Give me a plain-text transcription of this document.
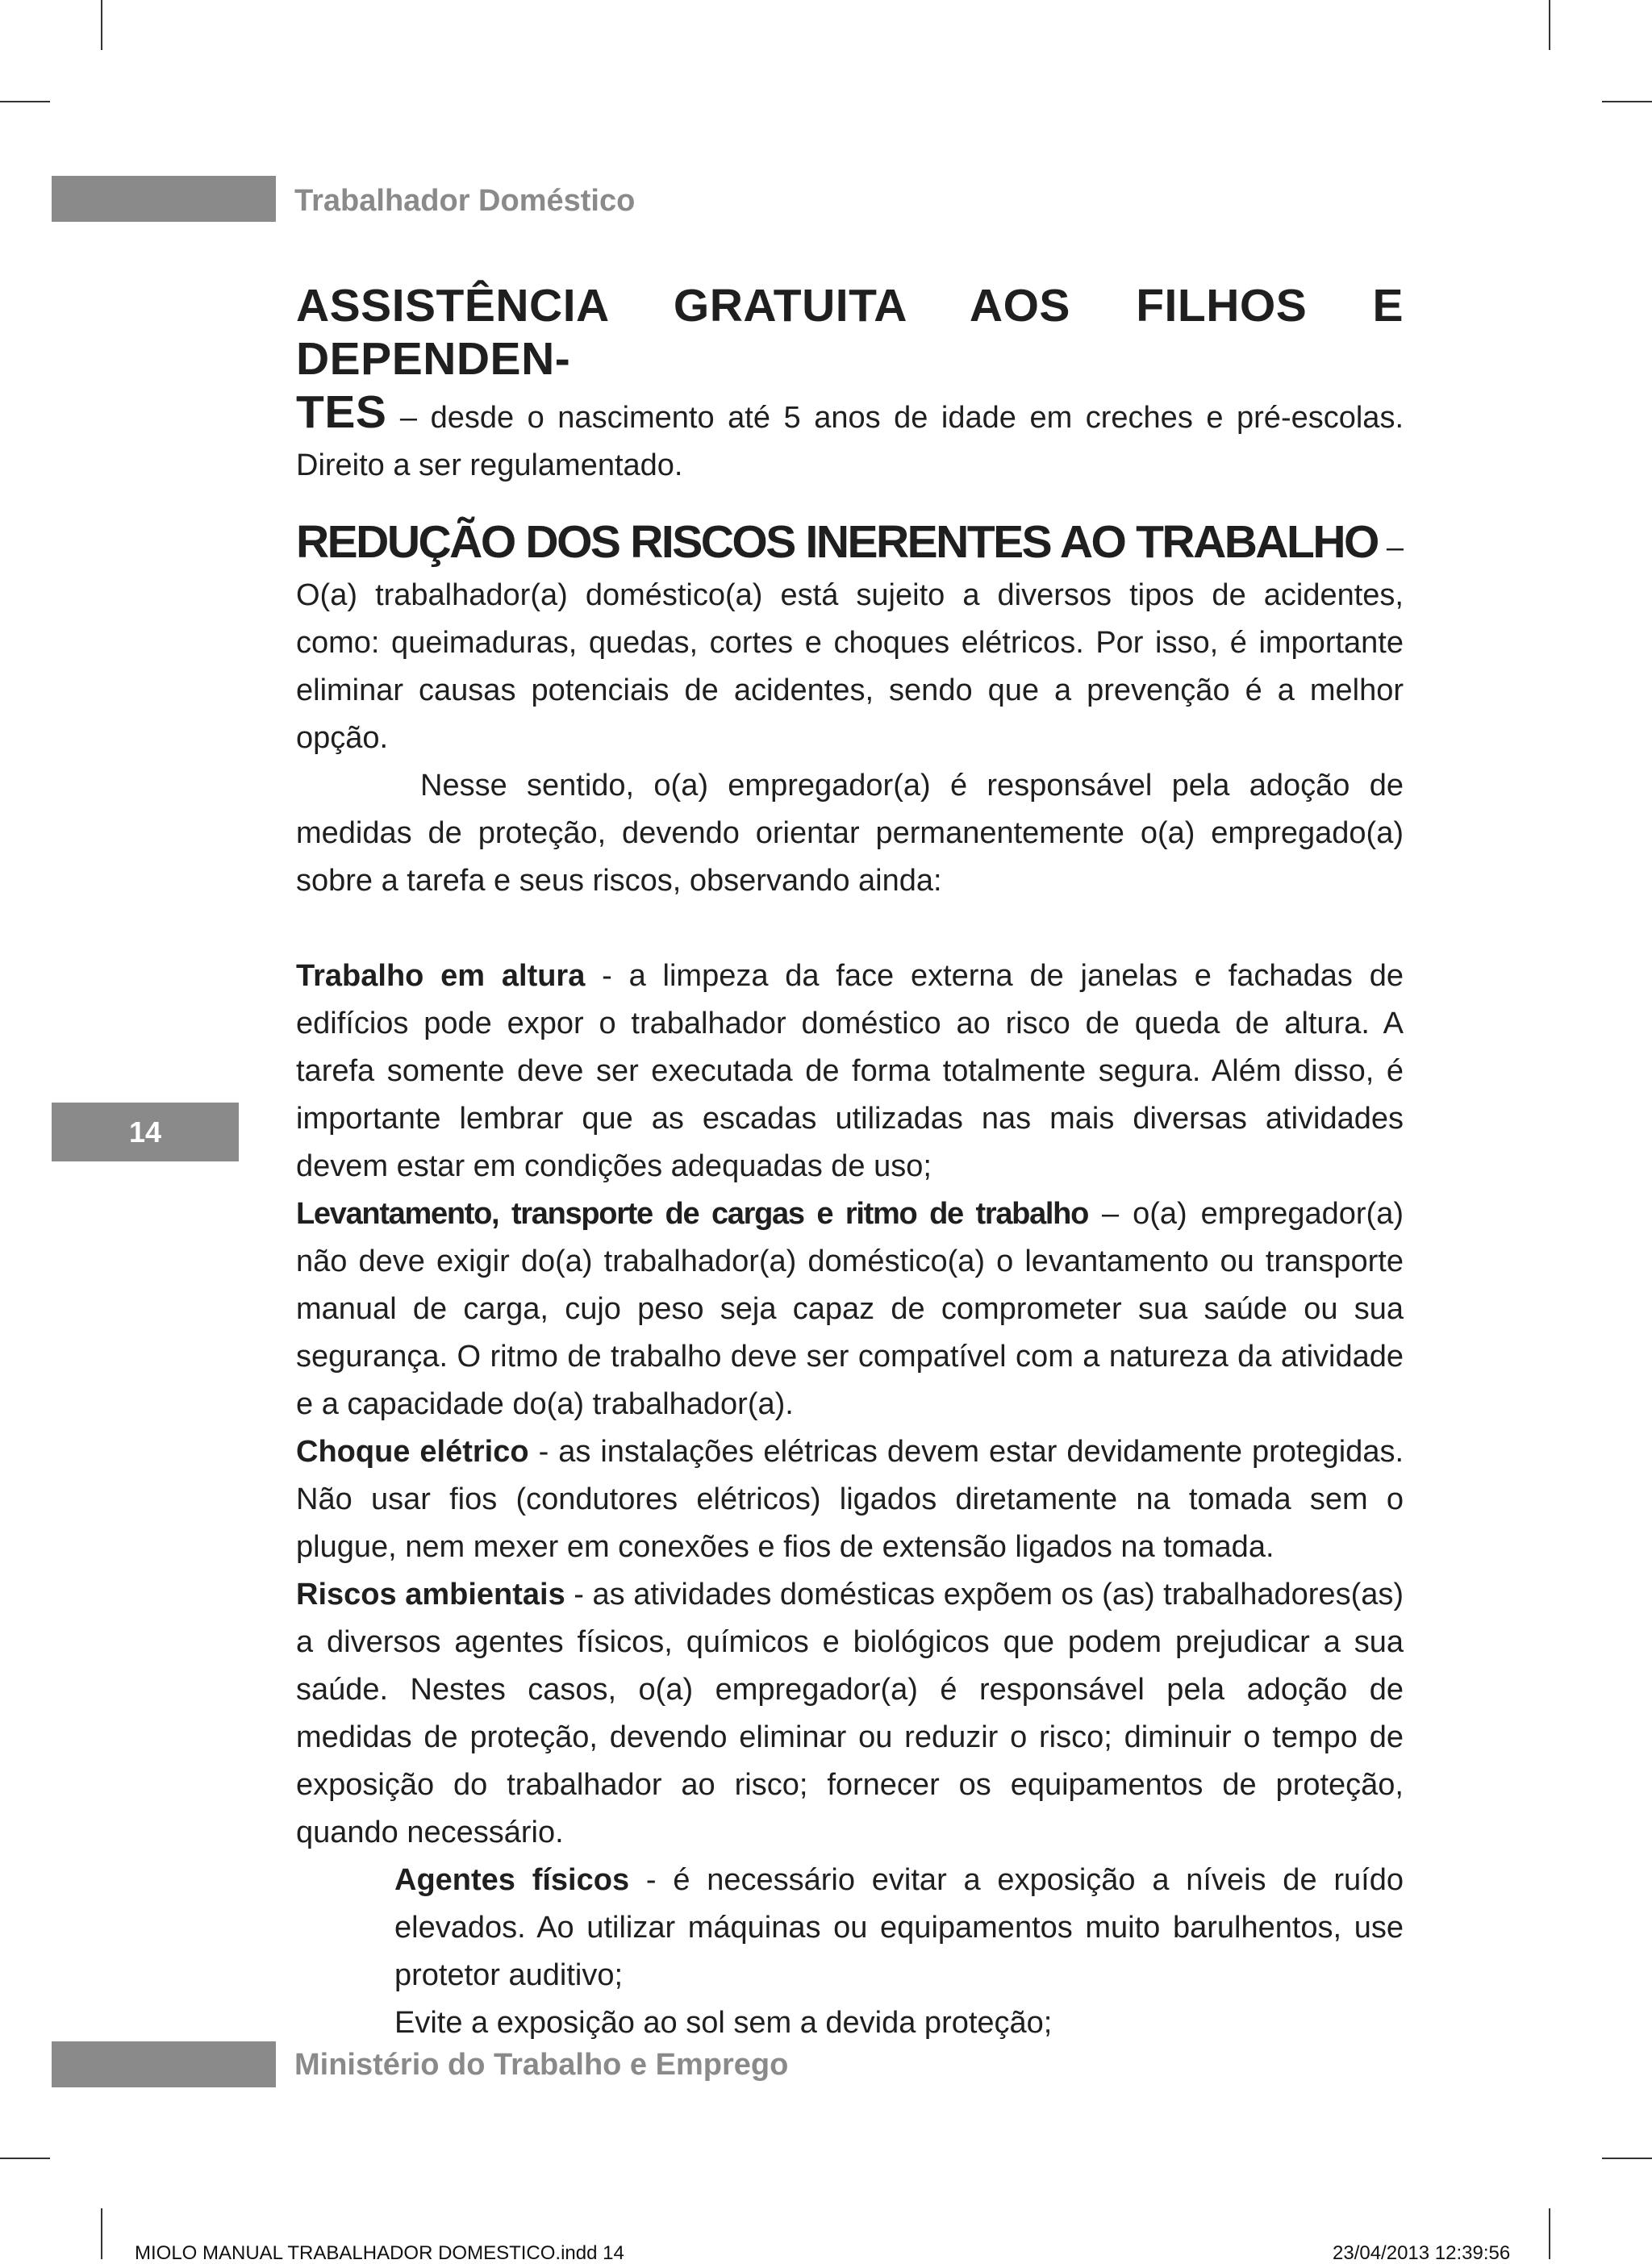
Trabalhador Doméstico
14

ASSISTÊNCIA GRATUITA AOS FILHOS E DEPENDEN-
TES – desde o nascimento até 5 anos de idade em creches e pré-escolas. Direito a ser regulamentado.

REDUÇÃO DOS RISCOS INERENTES AO TRABALHO – O(a) trabalhador(a) doméstico(a) está sujeito a diversos tipos de acidentes, como: queimaduras, quedas, cortes e choques elétricos. Por isso, é importante eliminar causas potenciais de acidentes, sendo que a prevenção é a melhor opção.

Nesse sentido, o(a) empregador(a) é responsável pela adoção de medidas de proteção, devendo orientar permanentemente o(a) empregado(a) sobre a tarefa e seus riscos, observando ainda:

Trabalho em altura - a limpeza da face externa de janelas e fachadas de edifícios pode expor o trabalhador doméstico ao risco de queda de altura. A tarefa somente deve ser executada de forma totalmente segura. Além disso, é importante lembrar que as escadas utilizadas nas mais diversas atividades devem estar em condições adequadas de uso;

Levantamento, transporte de cargas e ritmo de trabalho – o(a) empregador(a) não deve exigir do(a) trabalhador(a) doméstico(a) o levantamento ou transporte manual de carga, cujo peso seja capaz de comprometer sua saúde ou sua segurança. O ritmo de trabalho deve ser compatível com a natureza da atividade e a capacidade do(a) trabalhador(a).

Choque elétrico - as instalações elétricas devem estar devidamente protegidas. Não usar fios (condutores elétricos) ligados diretamente na tomada sem o plugue, nem mexer em conexões e fios de extensão ligados na tomada.

Riscos ambientais - as atividades domésticas expõem os (as) trabalhadores(as) a diversos agentes físicos, químicos e biológicos que podem prejudicar a sua saúde. Nestes casos, o(a) empregador(a) é responsável pela adoção de medidas de proteção, devendo eliminar ou reduzir o risco; diminuir o tempo de exposição do trabalhador ao risco; fornecer os equipamentos de proteção, quando necessário.

Agentes físicos - é necessário evitar a exposição a níveis de ruído elevados. Ao utilizar máquinas ou equipamentos muito barulhentos, use protetor auditivo;

Evite a exposição ao sol sem a devida proteção;

Ministério do Trabalho e Emprego
MIOLO MANUAL TRABALHADOR DOMESTICO.indd 14	23/04/2013 12:39:56
